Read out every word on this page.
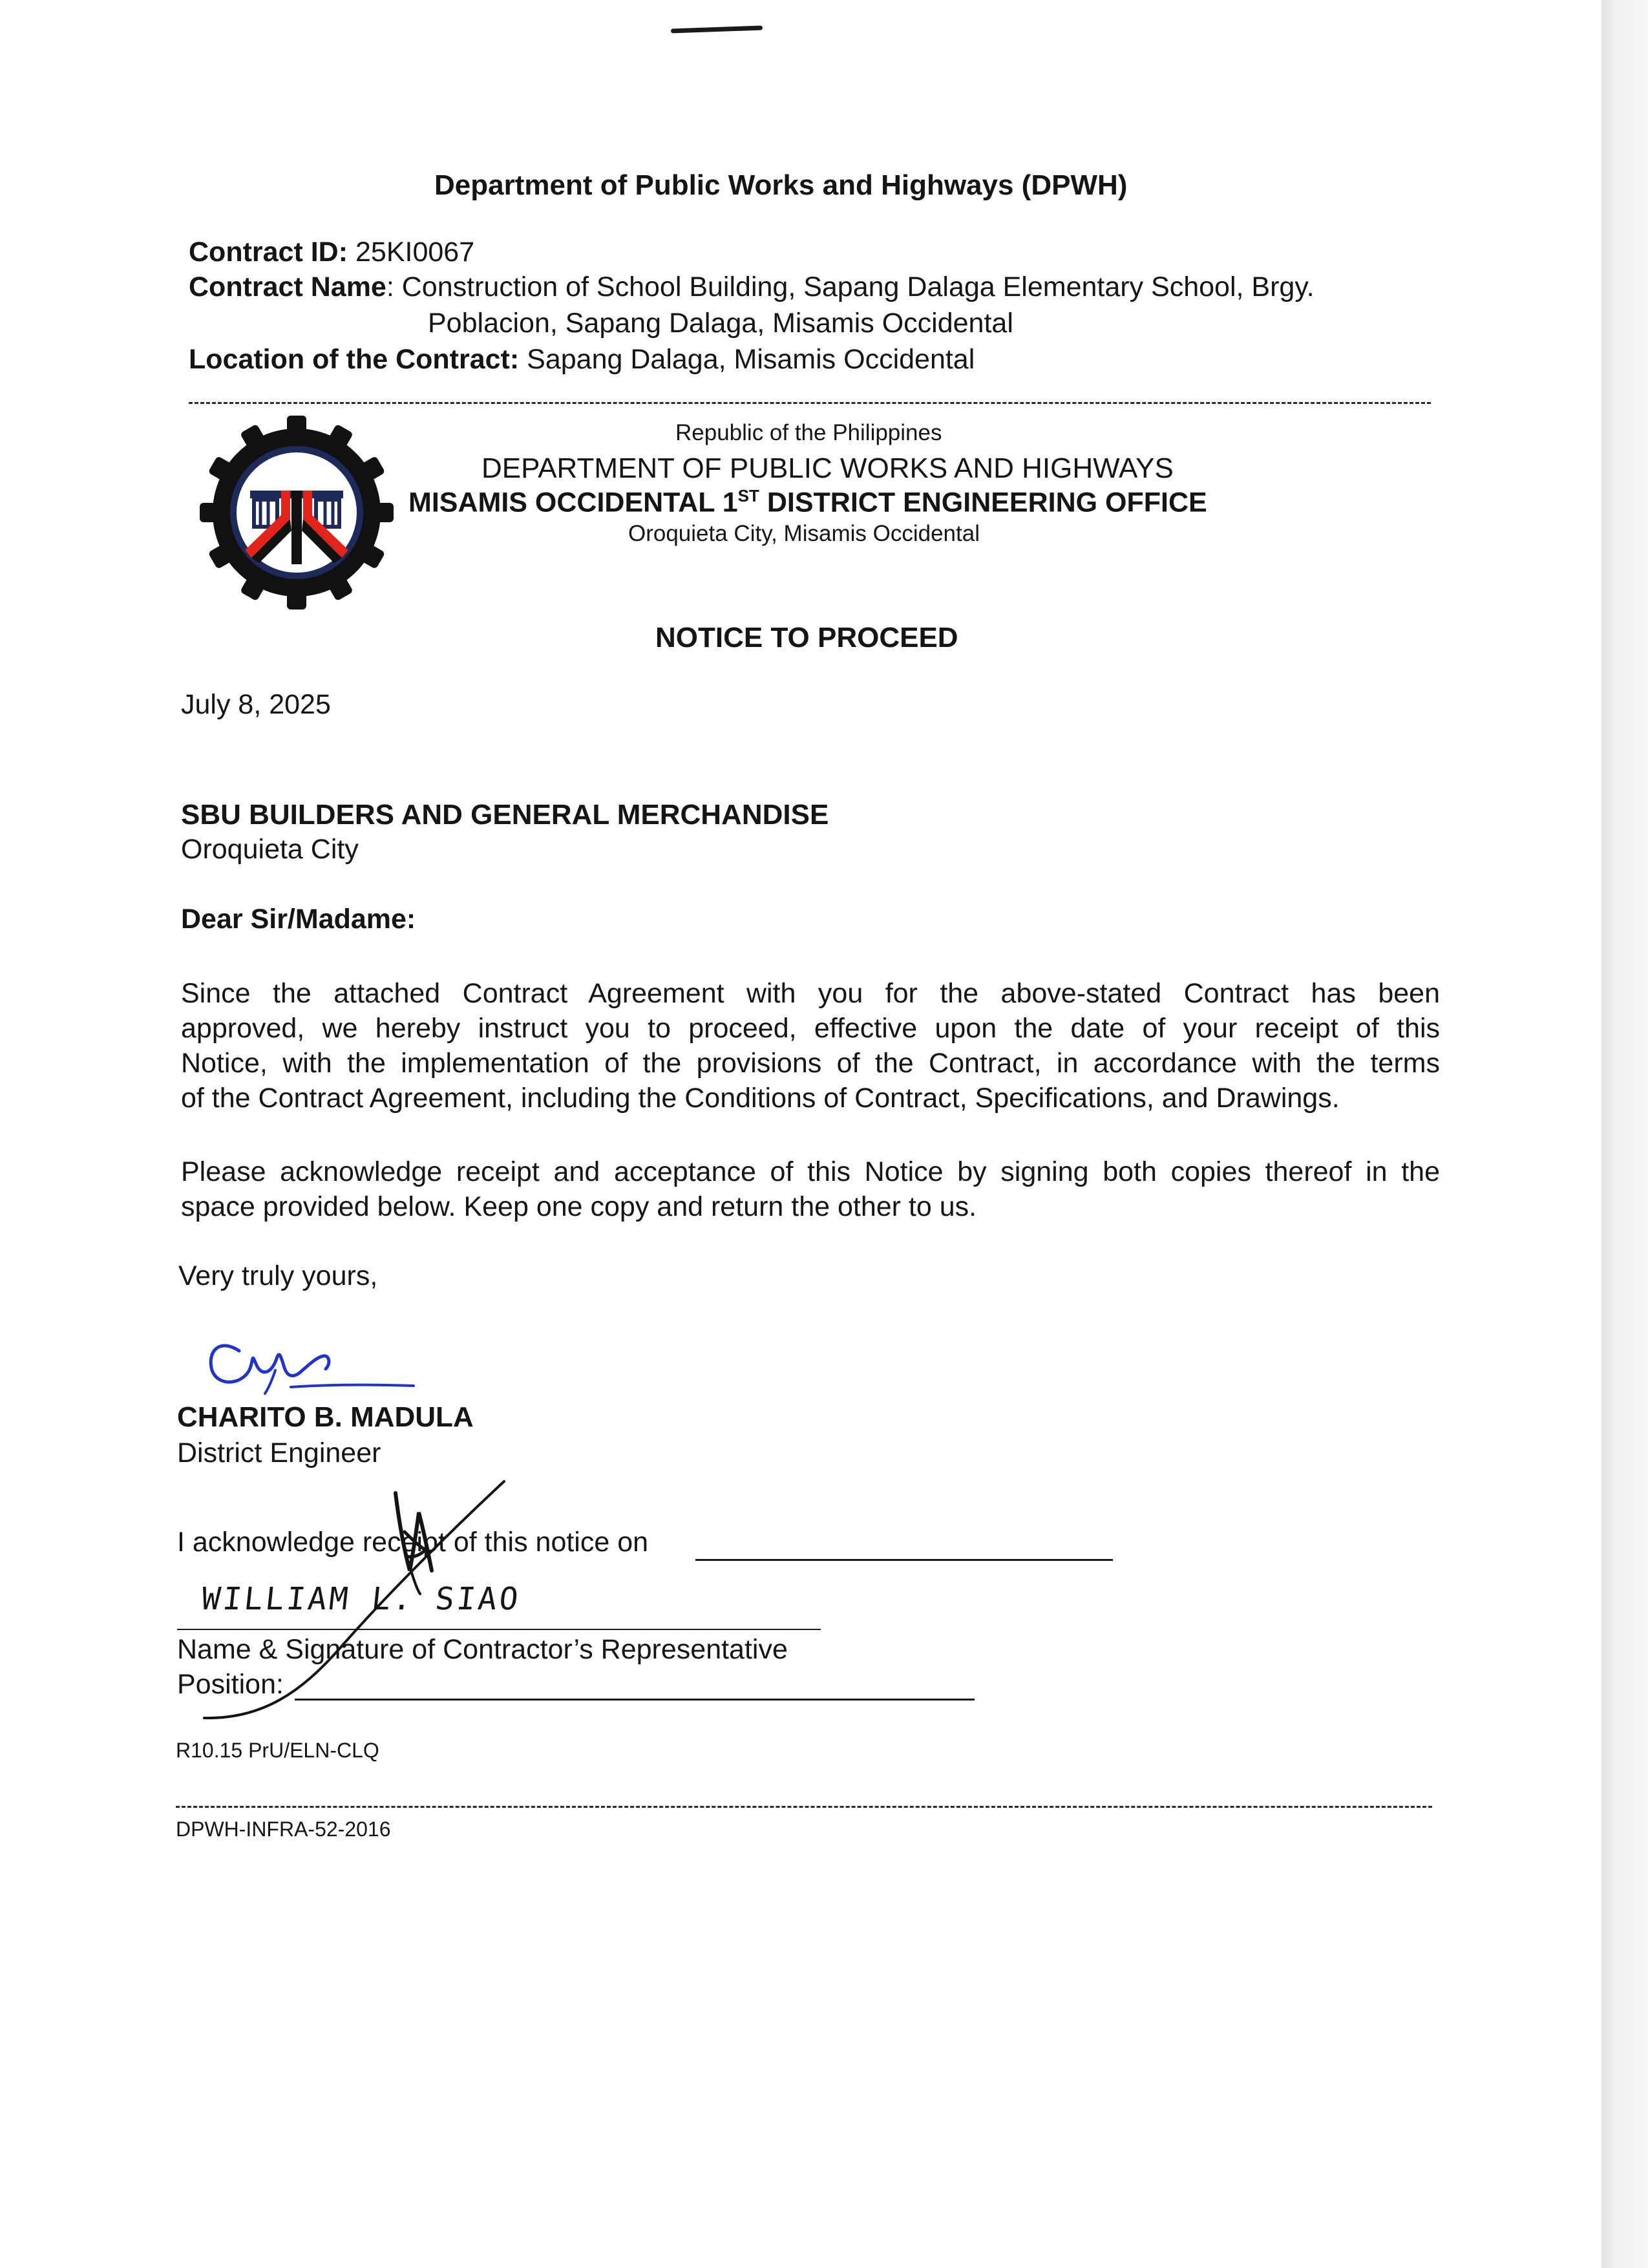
Department of Public Works and Highways (DPWH)
Contract ID: 25KI0067
Contract Name: Construction of School Building, Sapang Dalaga Elementary School, Brgy.
Poblacion, Sapang Dalaga, Misamis Occidental
Location of the Contract: Sapang Dalaga, Misamis Occidental
Republic of the Philippines
DEPARTMENT OF PUBLIC WORKS AND HIGHWAYS
MISAMIS OCCIDENTAL 1ST DISTRICT ENGINEERING OFFICE
Oroquieta City, Misamis Occidental
NOTICE TO PROCEED
July 8, 2025
SBU BUILDERS AND GENERAL MERCHANDISE
Oroquieta City
Dear Sir/Madame:
Since the attached Contract Agreement with you for the above-stated Contract has been
approved, we hereby instruct you to proceed, effective upon the date of your receipt of this
Notice, with the implementation of the provisions of the Contract, in accordance with the terms
of the Contract Agreement, including the Conditions of Contract, Specifications, and Drawings.
Please acknowledge receipt and acceptance of this Notice by signing both copies thereof in the
space provided below. Keep one copy and return the other to us.
Very truly yours,
CHARITO B. MADULA
District Engineer
I acknowledge receipt of this notice on
WILLIAM L. SIAO
Name & Signature of Contractor’s Representative
Position:
R10.15 PrU/ELN-CLQ
DPWH-INFRA-52-2016
